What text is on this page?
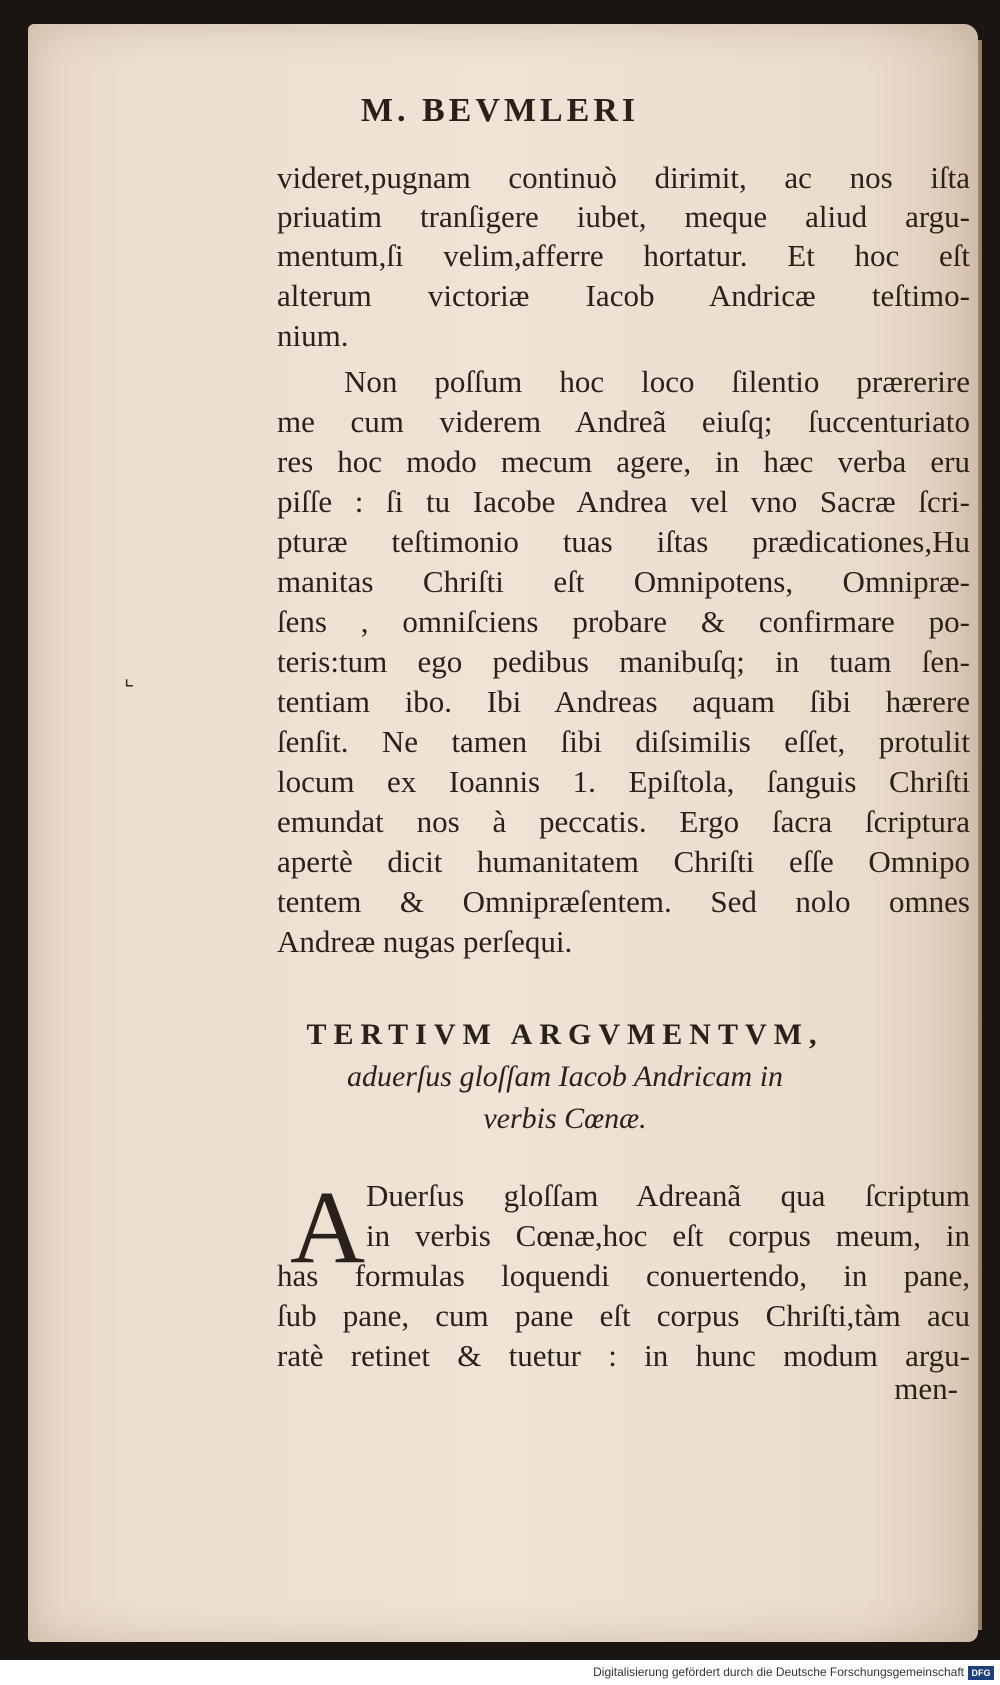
M. BEVMLERI
videret,pugnam continuò dirimit, ac nos iſta
priuatim tranſigere iubet, meque aliud argu-
mentum,ſi velim,afferre hortatur. Et hoc eſt
alterum victoriæ Iacob Andricæ teſtimo-
nium.
Non poſſum hoc loco ſilentio prærerire
me cum viderem Andreã eiuſq; ſuccenturiato
res hoc modo mecum agere, in hæc verba eru
piſſe : ſi tu Iacobe Andrea vel vno Sacræ ſcri-
pturæ teſtimonio tuas iſtas prædicationes,Hu
manitas Chriſti eſt Omnipotens, Omnipræ-
ſens , omniſciens probare & confirmare po-
teris:tum ego pedibus manibuſq; in tuam ſen-
tentiam ibo. Ibi Andreas aquam ſibi hærere
ſenſit. Ne tamen ſibi diſsimilis eſſet, protulit
locum ex Ioannis 1. Epiſtola, ſanguis Chriſti
emundat nos à peccatis. Ergo ſacra ſcriptura
apertè dicit humanitatem Chriſti eſſe Omnipo
tentem & Omnipræſentem. Sed nolo omnes
Andreæ nugas perſequi.
TERTIVM ARGVMENTVM,
aduerſus gloſſam Iacob Andricam in
verbis Cœnæ.
A Duerſus gloſſam Adreanã qua ſcriptum
in verbis Cœnæ,hoc eſt corpus meum, in
has formulas loquendi conuertendo, in pane,
ſub pane, cum pane eſt corpus Chriſti,tàm acu
ratè retinet & tuetur : in hunc modum argu-
men-
⌞
Digitalisierung gefördert durch die Deutsche Forschungsgemeinschaft DFG
